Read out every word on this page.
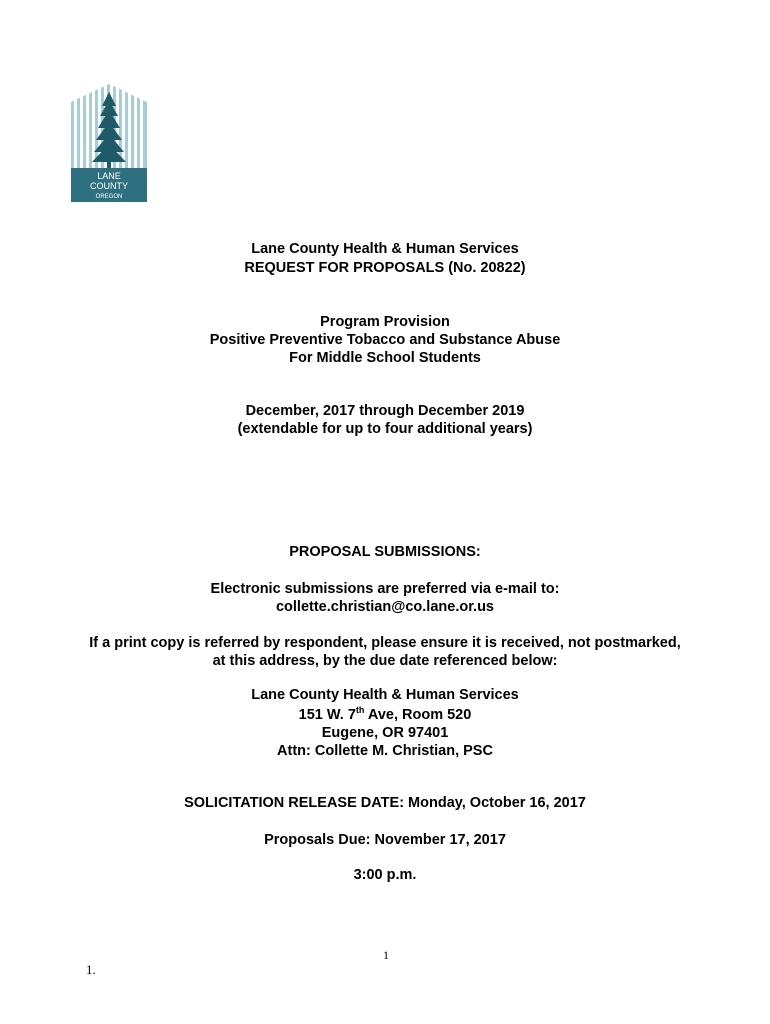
LANE
COUNTY
OREGON
Lane County Health & Human Services
REQUEST FOR PROPOSALS (No. 20822)
Program Provision
Positive Preventive Tobacco and Substance Abuse
For Middle School Students
December, 2017 through December 2019
(extendable for up to four additional years)
PROPOSAL SUBMISSIONS:
Electronic submissions are preferred via e-mail to:
collette.christian@co.lane.or.us
If a print copy is referred by respondent, please ensure it is received, not postmarked,
at this address, by the due date referenced below:
Lane County Health & Human Services
151 W. 7th Ave, Room 520
Eugene, OR 97401
Attn: Collette M. Christian, PSC
SOLICITATION RELEASE DATE: Monday, October 16, 2017
Proposals Due: November 17, 2017
3:00 p.m.
1
1.
